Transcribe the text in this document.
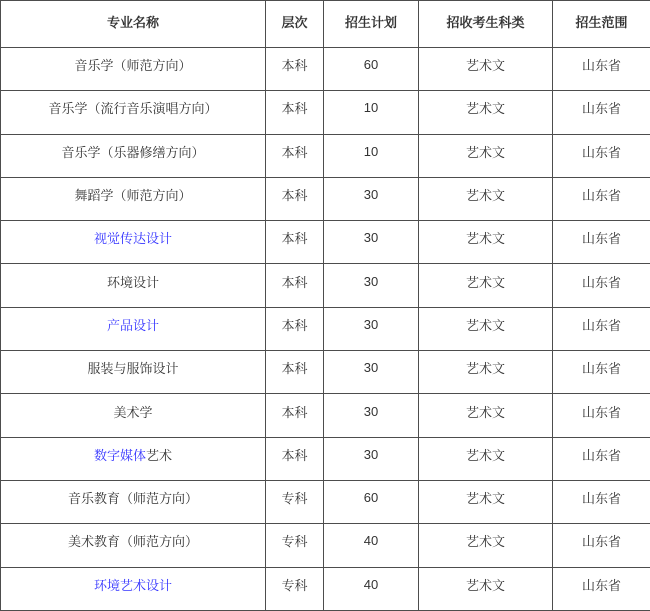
专业名称	层次	招生计划	招收考生科类	招生范围
音乐学（师范方向）	本科	60	艺术文	山东省
音乐学（流行音乐演唱方向）	本科	10	艺术文	山东省
音乐学（乐器修缮方向）	本科	10	艺术文	山东省
舞蹈学（师范方向）	本科	30	艺术文	山东省
视觉传达设计	本科	30	艺术文	山东省
环境设计	本科	30	艺术文	山东省
产品设计	本科	30	艺术文	山东省
服装与服饰设计	本科	30	艺术文	山东省
美术学	本科	30	艺术文	山东省
数字媒体艺术	本科	30	艺术文	山东省
音乐教育（师范方向）	专科	60	艺术文	山东省
美术教育（师范方向）	专科	40	艺术文	山东省
环境艺术设计	专科	40	艺术文	山东省
